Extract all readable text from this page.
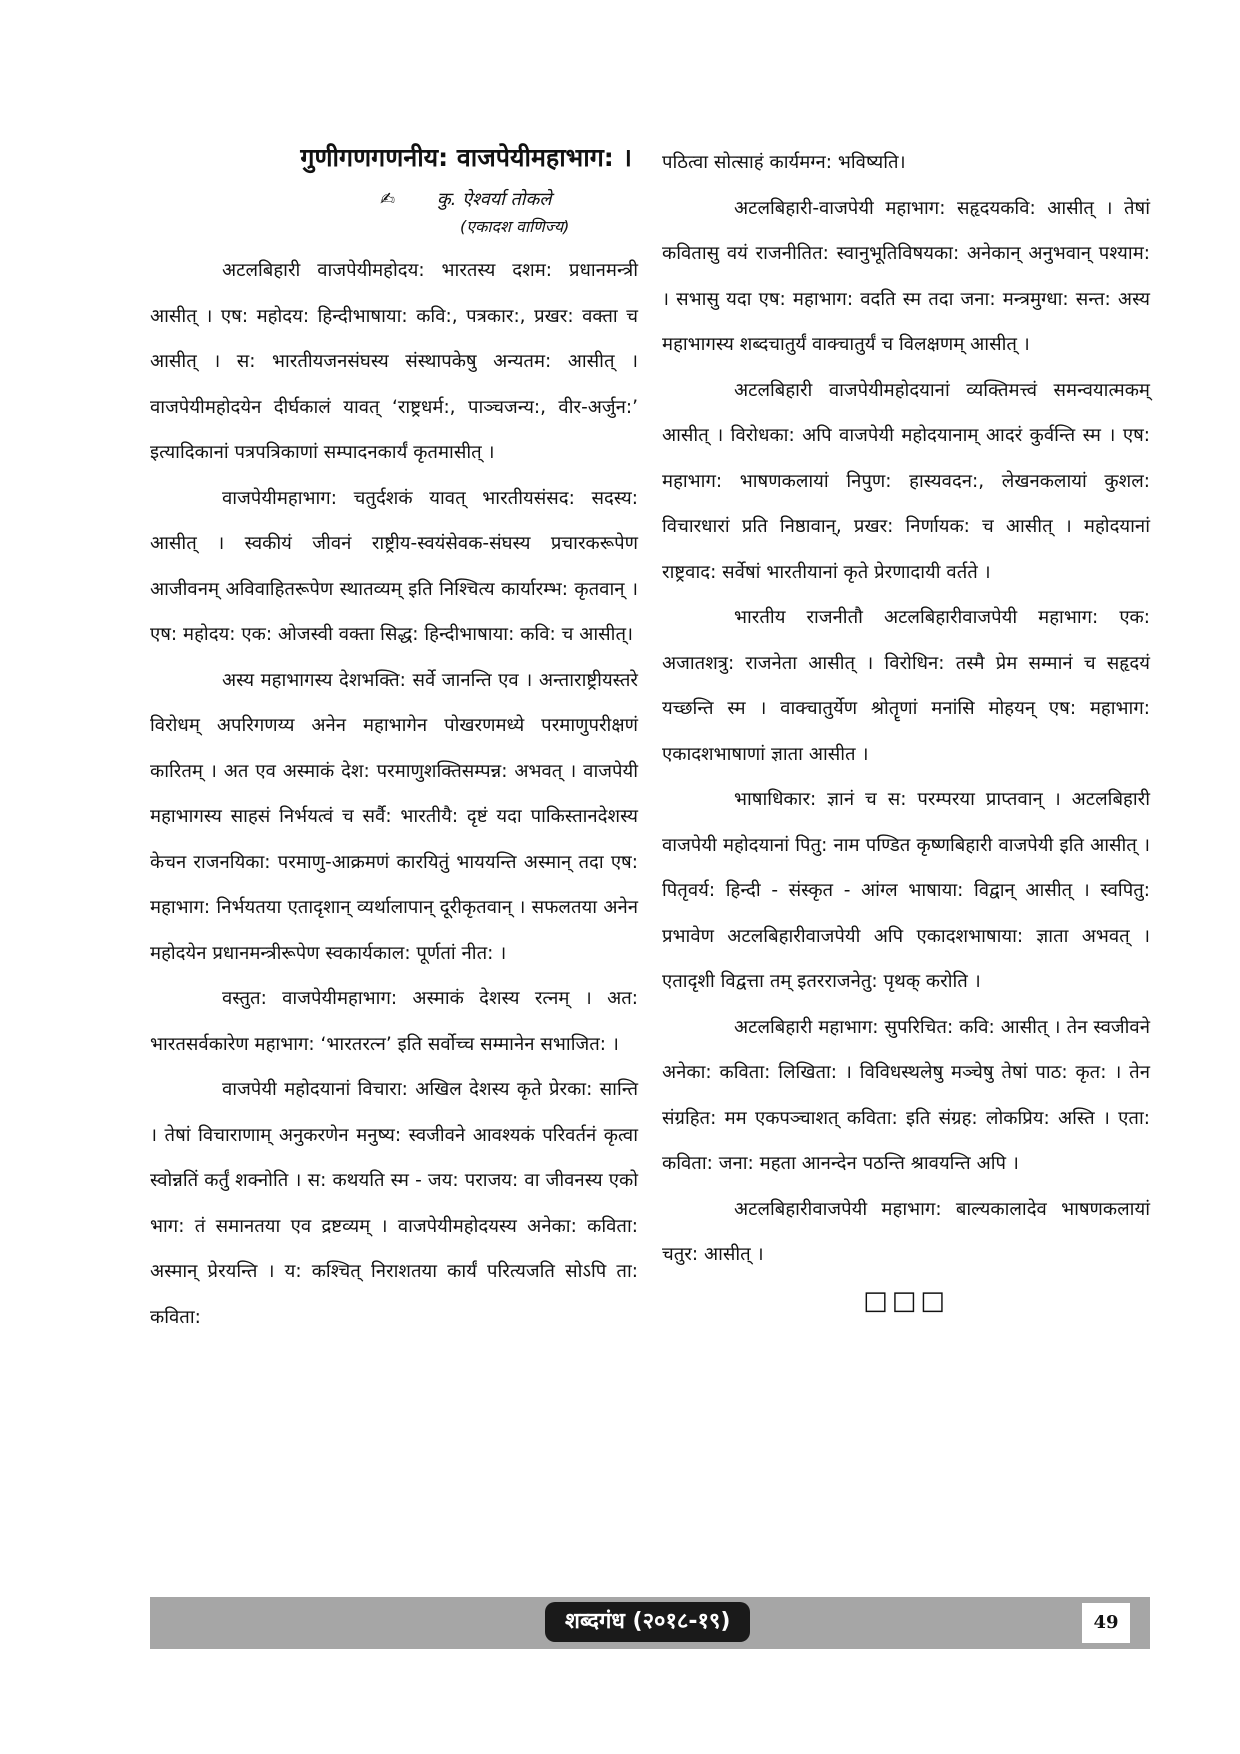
गुणीगणगणनीय: वाजपेयीमहाभाग: ।
✍ कु. ऐश्वर्या तोकले
(एकादश वाणिज्य)

अटलबिहारी वाजपेयीमहोदय: भारतस्य दशम: प्रधानमन्त्री आसीत् । एष: महोदय: हिन्दीभाषाया: कवि:, पत्रकार:, प्रखर: वक्ता च आसीत् । स: भारतीयजनसंघस्य संस्थापकेषु अन्यतम: आसीत् । वाजपेयीमहोदयेन दीर्घकालं यावत् ‘राष्ट्रधर्म:, पाञ्चजन्य:, वीर-अर्जुन:’ इत्यादिकानां पत्रपत्रिकाणां सम्पादनकार्यं कृतमासीत् ।

वाजपेयीमहाभाग: चतुर्दशकं यावत् भारतीयसंसद: सदस्य: आसीत् । स्वकीयं जीवनं राष्ट्रीय-स्वयंसेवक-संघस्य प्रचारकरूपेण आजीवनम् अविवाहितरूपेण स्थातव्यम् इति निश्चित्य कार्यारम्भ: कृतवान् । एष: महोदय: एक: ओजस्वी वक्ता सिद्ध: हिन्दीभाषाया: कवि: च आसीत्।

अस्य महाभागस्य देशभक्ति: सर्वे जानन्ति एव । अन्ताराष्ट्रीयस्तरे विरोधम् अपरिगणय्य अनेन महाभागेन पोखरणमध्ये परमाणुपरीक्षणं कारितम् । अत एव अस्माकं देश: परमाणुशक्तिसम्पन्न: अभवत् । वाजपेयी महाभागस्य साहसं निर्भयत्वं च सर्वै: भारतीयै: दृष्टं यदा पाकिस्तानदेशस्य केचन राजनयिका: परमाणु-आक्रमणं कारयितुं भाययन्ति अस्मान् तदा एष: महाभाग: निर्भयतया एतादृशान् व्यर्थालापान् दूरीकृतवान् । सफलतया अनेन महोदयेन प्रधानमन्त्रीरूपेण स्वकार्यकाल: पूर्णतां नीत: ।

वस्तुत: वाजपेयीमहाभाग: अस्माकं देशस्य रत्नम् । अत: भारतसर्वकारेण महाभाग: ‘भारतरत्न’ इति सर्वोच्च सम्मानेन सभाजित: ।

वाजपेयी महोदयानां विचारा: अखिल देशस्य कृते प्रेरका: सान्ति । तेषां विचाराणाम् अनुकरणेन मनुष्य: स्वजीवने आवश्यकं परिवर्तनं कृत्वा स्वोन्नतिं कर्तुं शक्नोति । स: कथयति स्म - जय: पराजय: वा जीवनस्य एको भाग: तं समानतया एव द्रष्टव्यम् । वाजपेयीमहोदयस्य अनेका: कविता: अस्मान् प्रेरयन्ति । य: कश्चित् निराशतया कार्यं परित्यजति सोऽपि ता: कविता:

पठित्वा सोत्साहं कार्यमग्न: भविष्यति।

अटलबिहारी-वाजपेयी महाभाग: सहृदयकवि: आसीत् । तेषां कवितासु वयं राजनीतित: स्वानुभूतिविषयका: अनेकान् अनुभवान् पश्याम: । सभासु यदा एष: महाभाग: वदति स्म तदा जना: मन्त्रमुग्धा: सन्त: अस्य महाभागस्य शब्दचातुर्यं वाक्चातुर्यं च विलक्षणम् आसीत् ।

अटलबिहारी वाजपेयीमहोदयानां व्यक्तिमत्त्वं समन्वयात्मकम् आसीत् । विरोधका: अपि वाजपेयी महोदयानाम् आदरं कुर्वन्ति स्म । एष: महाभाग: भाषणकलायां निपुण: हास्यवदन:, लेखनकलायां कुशल: विचारधारां प्रति निष्ठावान्, प्रखर: निर्णायक: च आसीत् । महोदयानां राष्ट्रवाद: सर्वेषां भारतीयानां कृते प्रेरणादायी वर्तते ।

भारतीय राजनीतौ अटलबिहारीवाजपेयी महाभाग: एक: अजातशत्रु: राजनेता आसीत् । विरोधिन: तस्मै प्रेम सम्मानं च सहृदयं यच्छन्ति स्म । वाक्चातुर्येण श्रोतॄणां मनांसि मोहयन् एष: महाभाग: एकादशभाषाणां ज्ञाता आसीत ।

भाषाधिकार: ज्ञानं च स: परम्परया प्राप्तवान् । अटलबिहारी वाजपेयी महोदयानां पितु: नाम पण्डित कृष्णबिहारी वाजपेयी इति आसीत् । पितृवर्य: हिन्दी - संस्कृत - आंग्ल भाषाया: विद्वान् आसीत् । स्वपितु: प्रभावेण अटलबिहारीवाजपेयी अपि एकादशभाषाया: ज्ञाता अभवत् । एतादृशी विद्वत्ता तम् इतरराजनेतु: पृथक् करोति ।

अटलबिहारी महाभाग: सुपरिचित: कवि: आसीत् । तेन स्वजीवने अनेका: कविता: लिखिता: । विविधस्थलेषु मञ्चेषु तेषां पाठ: कृत: । तेन संग्रहित: मम एकपञ्चाशत् कविता: इति संग्रह: लोकप्रिय: अस्ति । एता: कविता: जना: महता आनन्देन पठन्ति श्रावयन्ति अपि ।

अटलबिहारीवाजपेयी महाभाग: बाल्यकालादेव भाषणकलायां चतुर: आसीत् ।

□□□
शब्दगंध (२०१८-१९)	49
